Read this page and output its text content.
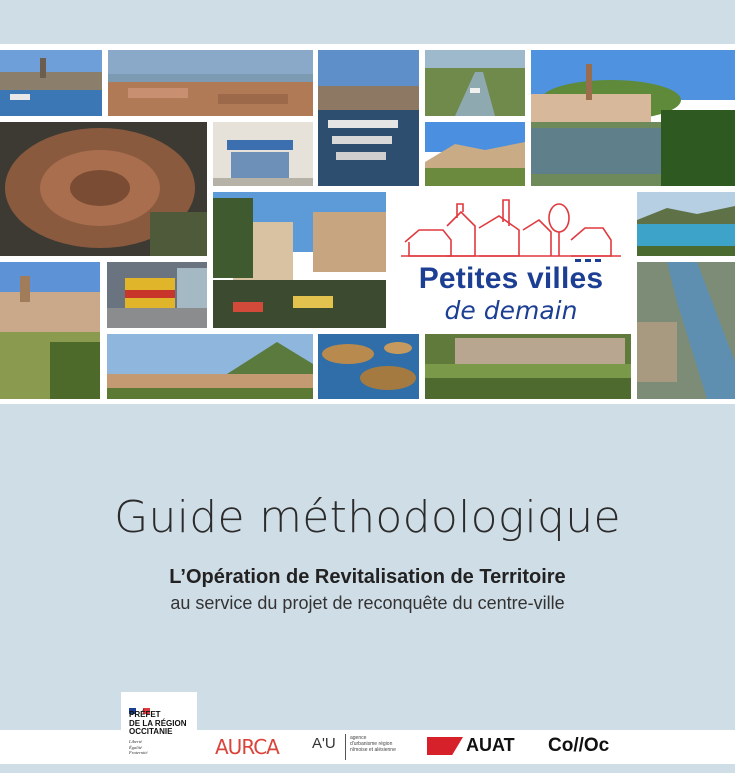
Petites villes
de demain
Guide méthodologique
L’Opération de Revitalisation de Territoire
au service du projet de reconquête du centre-ville
PRÉFET
DE LA RÉGION
OCCITANIE
Liberté
Égalité
Fraternité	AURCA A'U	agence
d'urbanisme région
nîmoise et alésienne	AUAT Co//Oc
